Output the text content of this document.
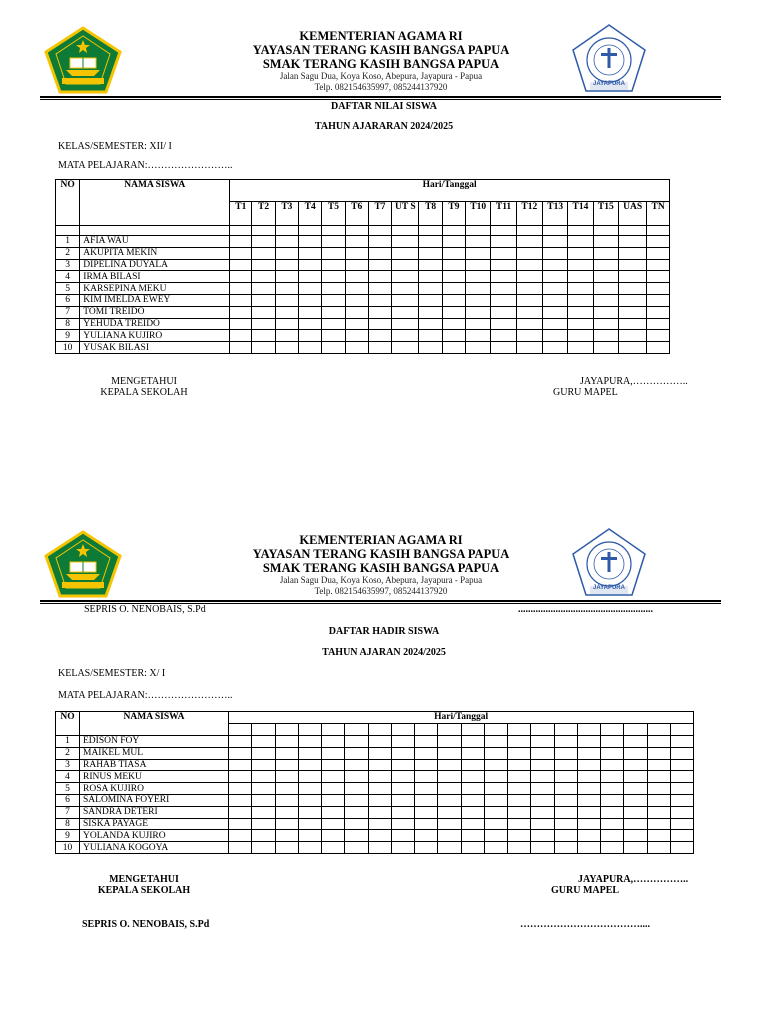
KEMENTERIAN AGAMA RI
YAYASAN TERANG KASIH BANGSA PAPUA
SMAK TERANG KASIH BANGSA PAPUA
Jalan Sagu Dua, Koya Koso, Abepura, Jayapura - Papua
Telp. 082154635997, 085244137920	JAYAPURA
DAFTAR NILAI SISWA
TAHUN AJARARAN 2024/2025
KELAS/SEMESTER: XII/ I
MATA PELAJARAN:……………………..
NO	NAMA SISWA	Hari/Tanggal																	
		T1	T2	T3	T4	T5	T6	T7	UT S	T8	T9	T10	T11	T12	T13	T14	T15	UAS	TN

1	AFIA WAU																		
2	AKUPITA MEKIN																		
3	DIPELINA DUYALA																		
4	IRMA BILASI																		
5	KARSEPINA MEKU																		
6	KIM IMELDA EWEY																		
7	TOMI TREIDO																		
8	YEHUDA TREIDO																		
9	YULIANA KUJIRO																		
10	YUSAK BILASI																		
MENGETAHUI
KEPALA SEKOLAH
JAYAPURA,……………..
GURU MAPEL
KEMENTERIAN AGAMA RI
YAYASAN TERANG KASIH BANGSA PAPUA
SMAK TERANG KASIH BANGSA PAPUA
Jalan Sagu Dua, Koya Koso, Abepura, Jayapura - Papua
Telp. 082154635997, 085244137920	JAYAPURA
SEPRIS O. NENOBAIS, S.Pd	......................................................
DAFTAR HADIR SISWA
TAHUN AJARAN 2024/2025
KELAS/SEMESTER: X/ I
MATA PELAJARAN:……………………..
NO	NAMA SISWA	Hari/Tanggal																			

1	EDISON FOY																				
2	MAIKEL MUL																				
3	RAHAB TIASA																				
4	RINUS MEKU																				
5	ROSA KUJIRO																				
6	SALOMINA FOYERI																				
7	SANDRA DETERI																				
8	SISKA PAYAGE																				
9	YOLANDA KUJIRO																				
10	YULIANA KOGOYA																				
MENGETAHUI
KEPALA SEKOLAH
JAYAPURA,……………..
GURU MAPEL
SEPRIS O. NENOBAIS, S.Pd	………………………………....
